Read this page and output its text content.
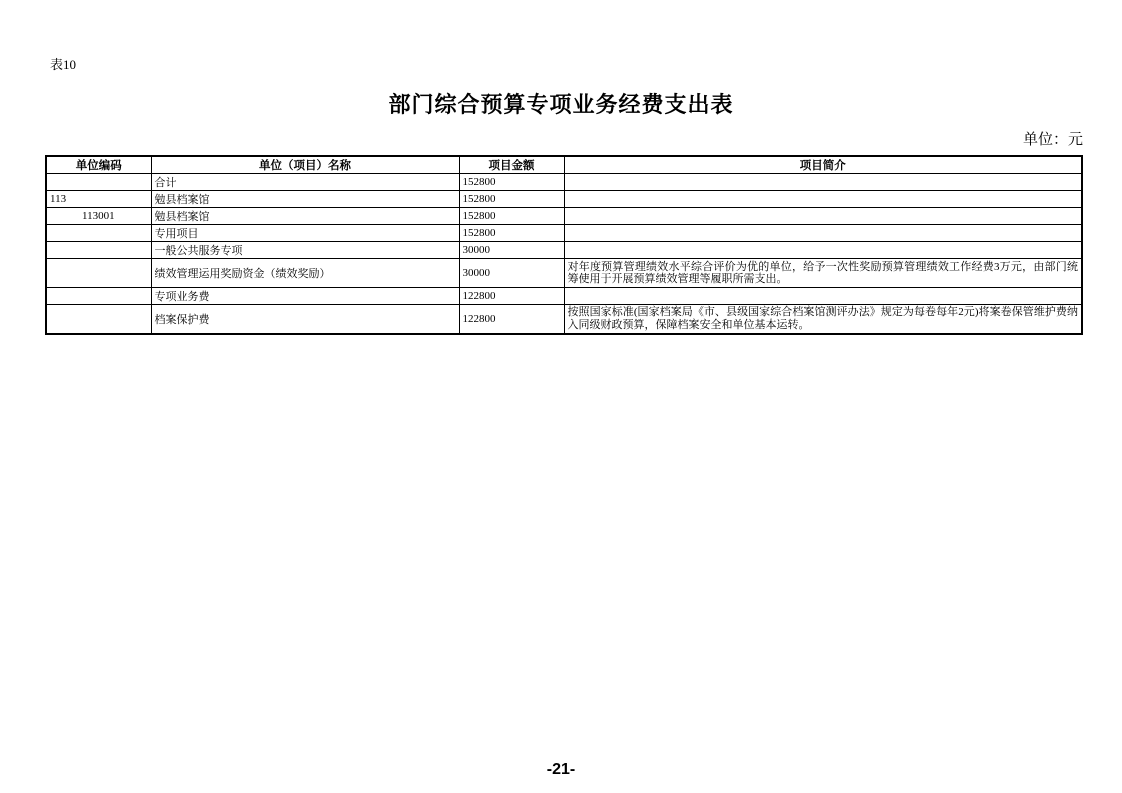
表10
部门综合预算专项业务经费支出表
单位：元
单位编码	单位（项目）名称	项目金额	项目简介
	合计	152800	
113	勉县档案馆	152800	
113001	勉县档案馆	152800	
	专用项目	152800	
	一般公共服务专项	30000	
	绩效管理运用奖励资金（绩效奖励）	30000	对年度预算管理绩效水平综合评价为优的单位，给予一次性奖励预算管理绩效工作经费3万元，由部门统筹使用于开展预算绩效管理等履职所需支出。
	专项业务费	122800	
	档案保护费	122800	按照国家标准(国家档案局《市、县级国家综合档案馆测评办法》规定为每卷每年2元)将案卷保管维护费纳入同级财政预算，保障档案安全和单位基本运转。
-21-
